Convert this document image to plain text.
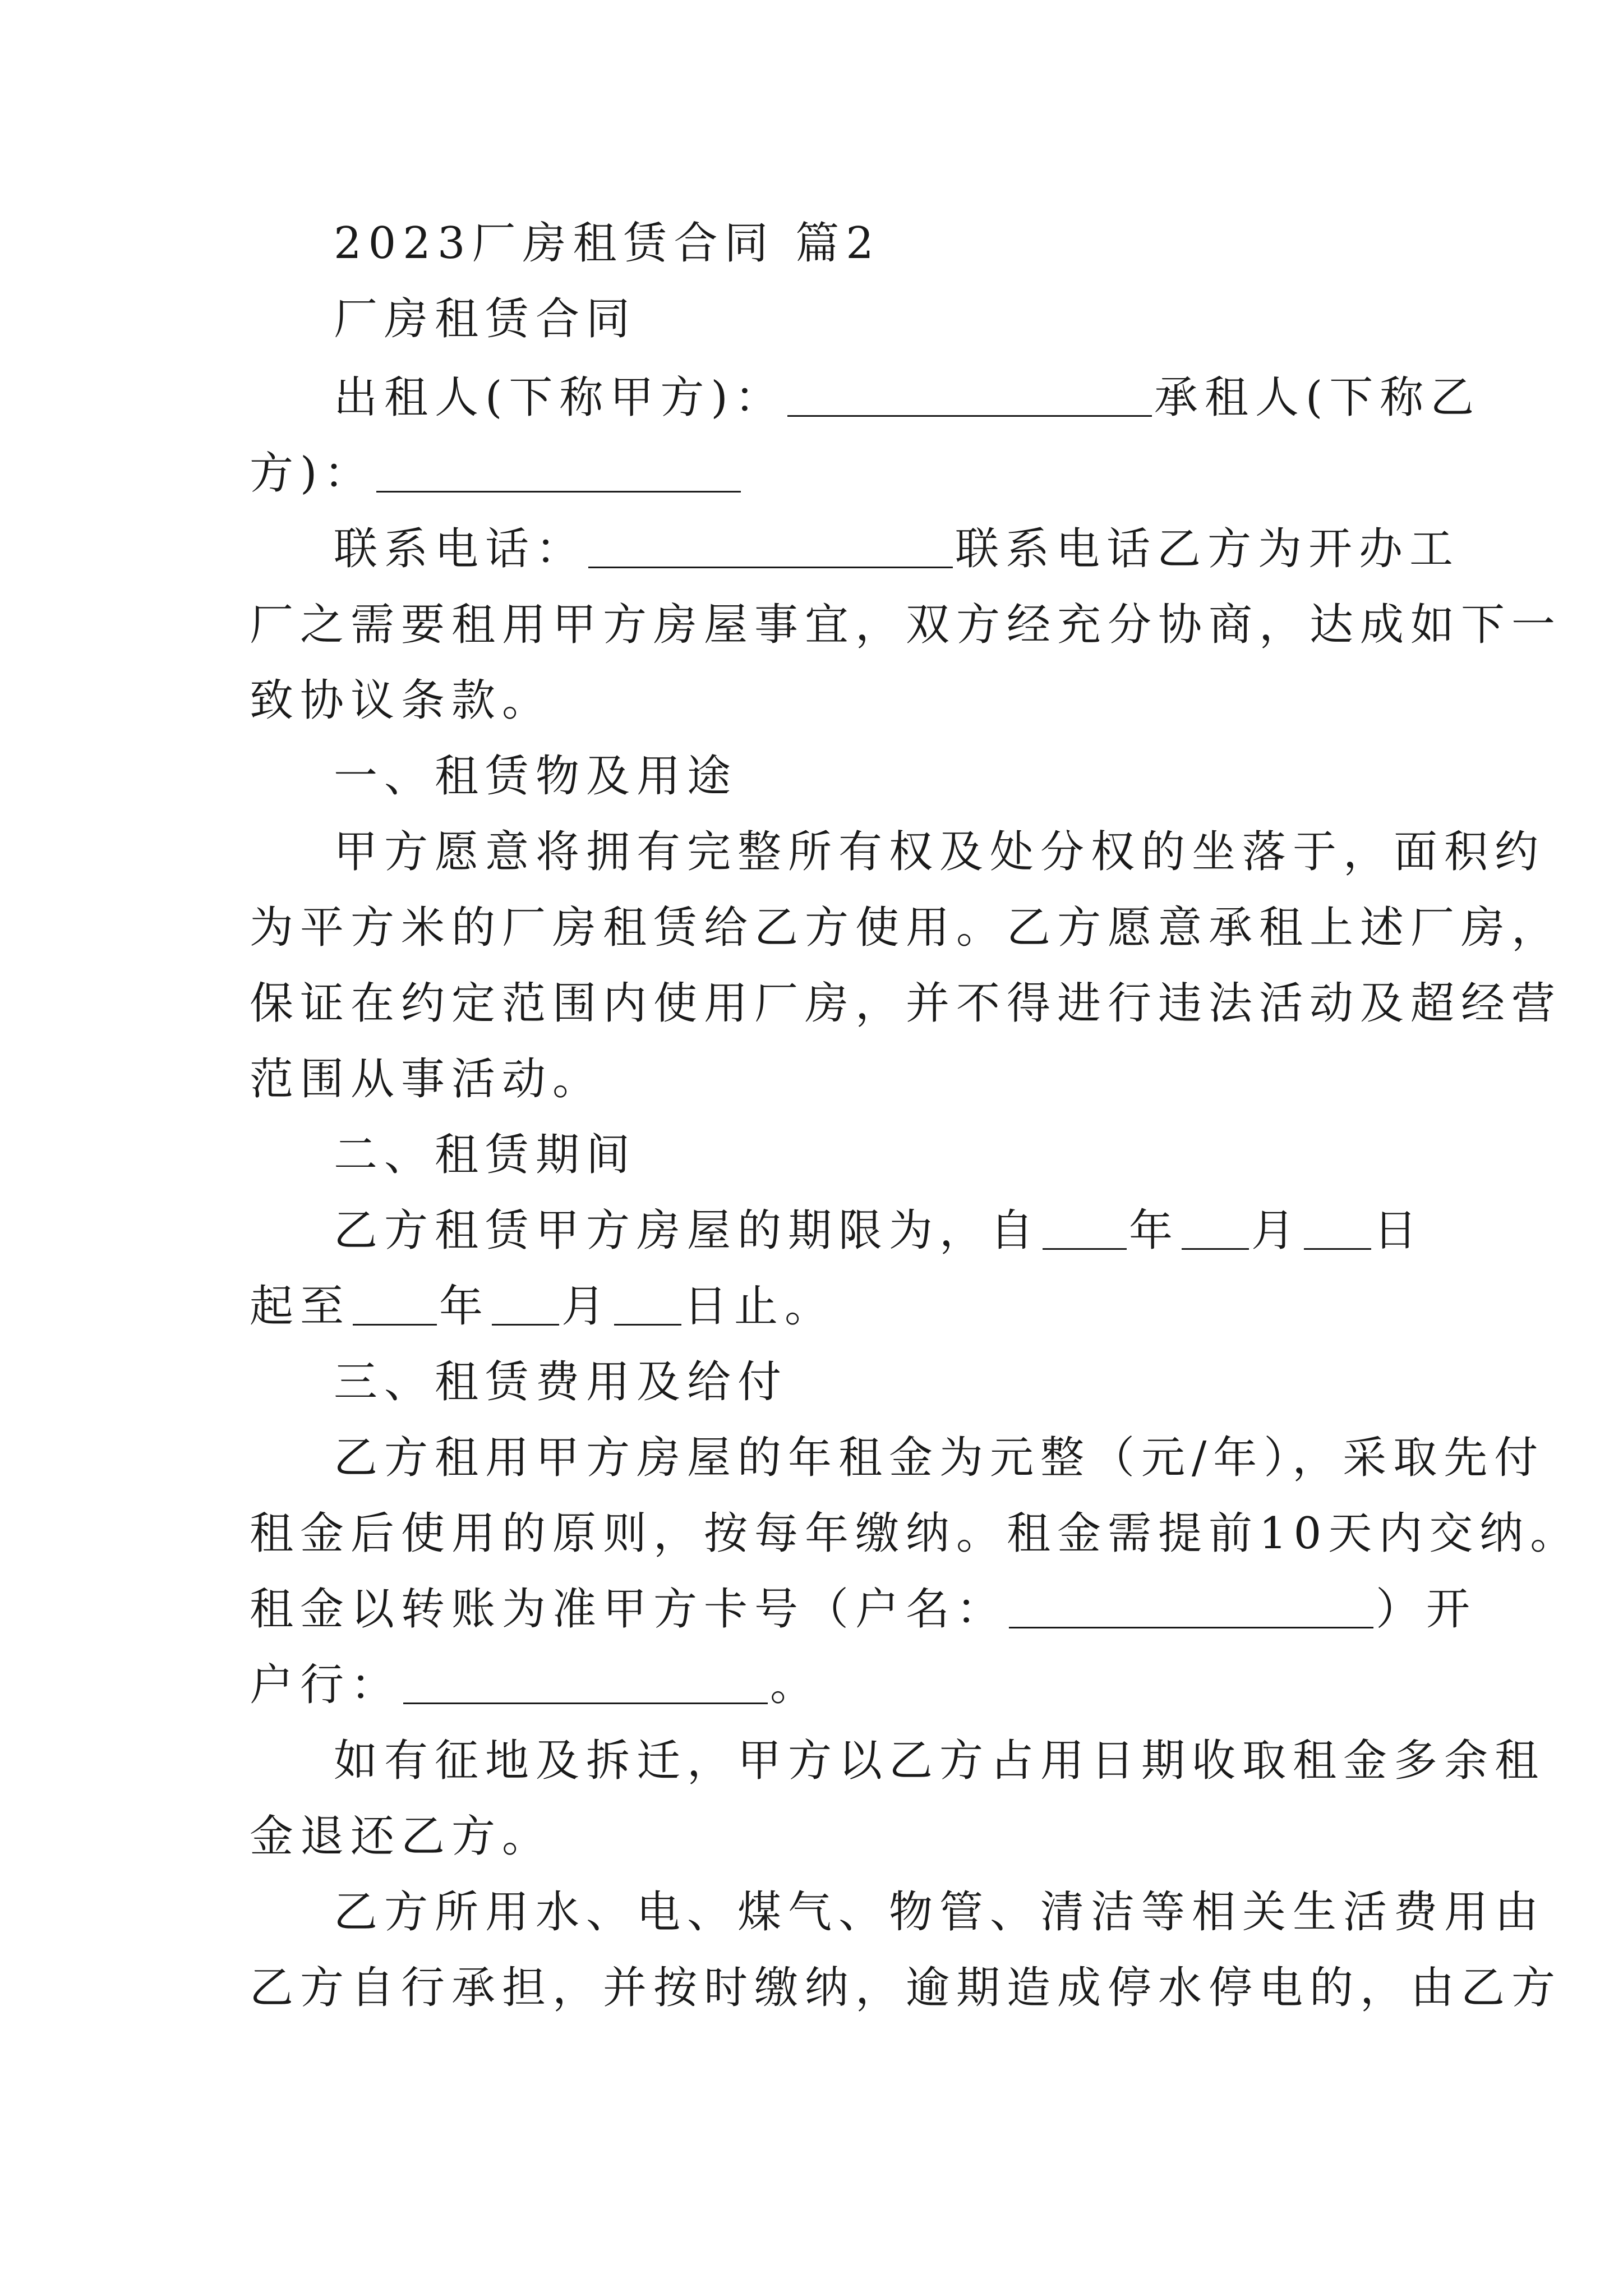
2023厂房租赁合同 篇2
厂房租赁合同
出租人(下称甲方)：	承租人(下称乙
方)：
联系电话：	联系电话乙方为开办工
厂之需要租用甲方房屋事宜，双方经充分协商，达成如下一
致协议条款。
一、租赁物及用途
甲方愿意将拥有完整所有权及处分权的坐落于，面积约
为平方米的厂房租赁给乙方使用。乙方愿意承租上述厂房，
保证在约定范围内使用厂房，并不得进行违法活动及超经营
范围从事活动。
二、租赁期间
乙方租赁甲方房屋的期限为，自 年 月 日
起至 年 月 日止。
三、租赁费用及给付
乙方租用甲方房屋的年租金为元整（元/年），采取先付
租金后使用的原则，按每年缴纳。租金需提前10天内交纳。
租金以转账为准甲方卡号（户名：	）开
户行：	。
如有征地及拆迁，甲方以乙方占用日期收取租金多余租
金退还乙方。
乙方所用水、电、煤气、物管、清洁等相关生活费用由
乙方自行承担，并按时缴纳，逾期造成停水停电的，由乙方
